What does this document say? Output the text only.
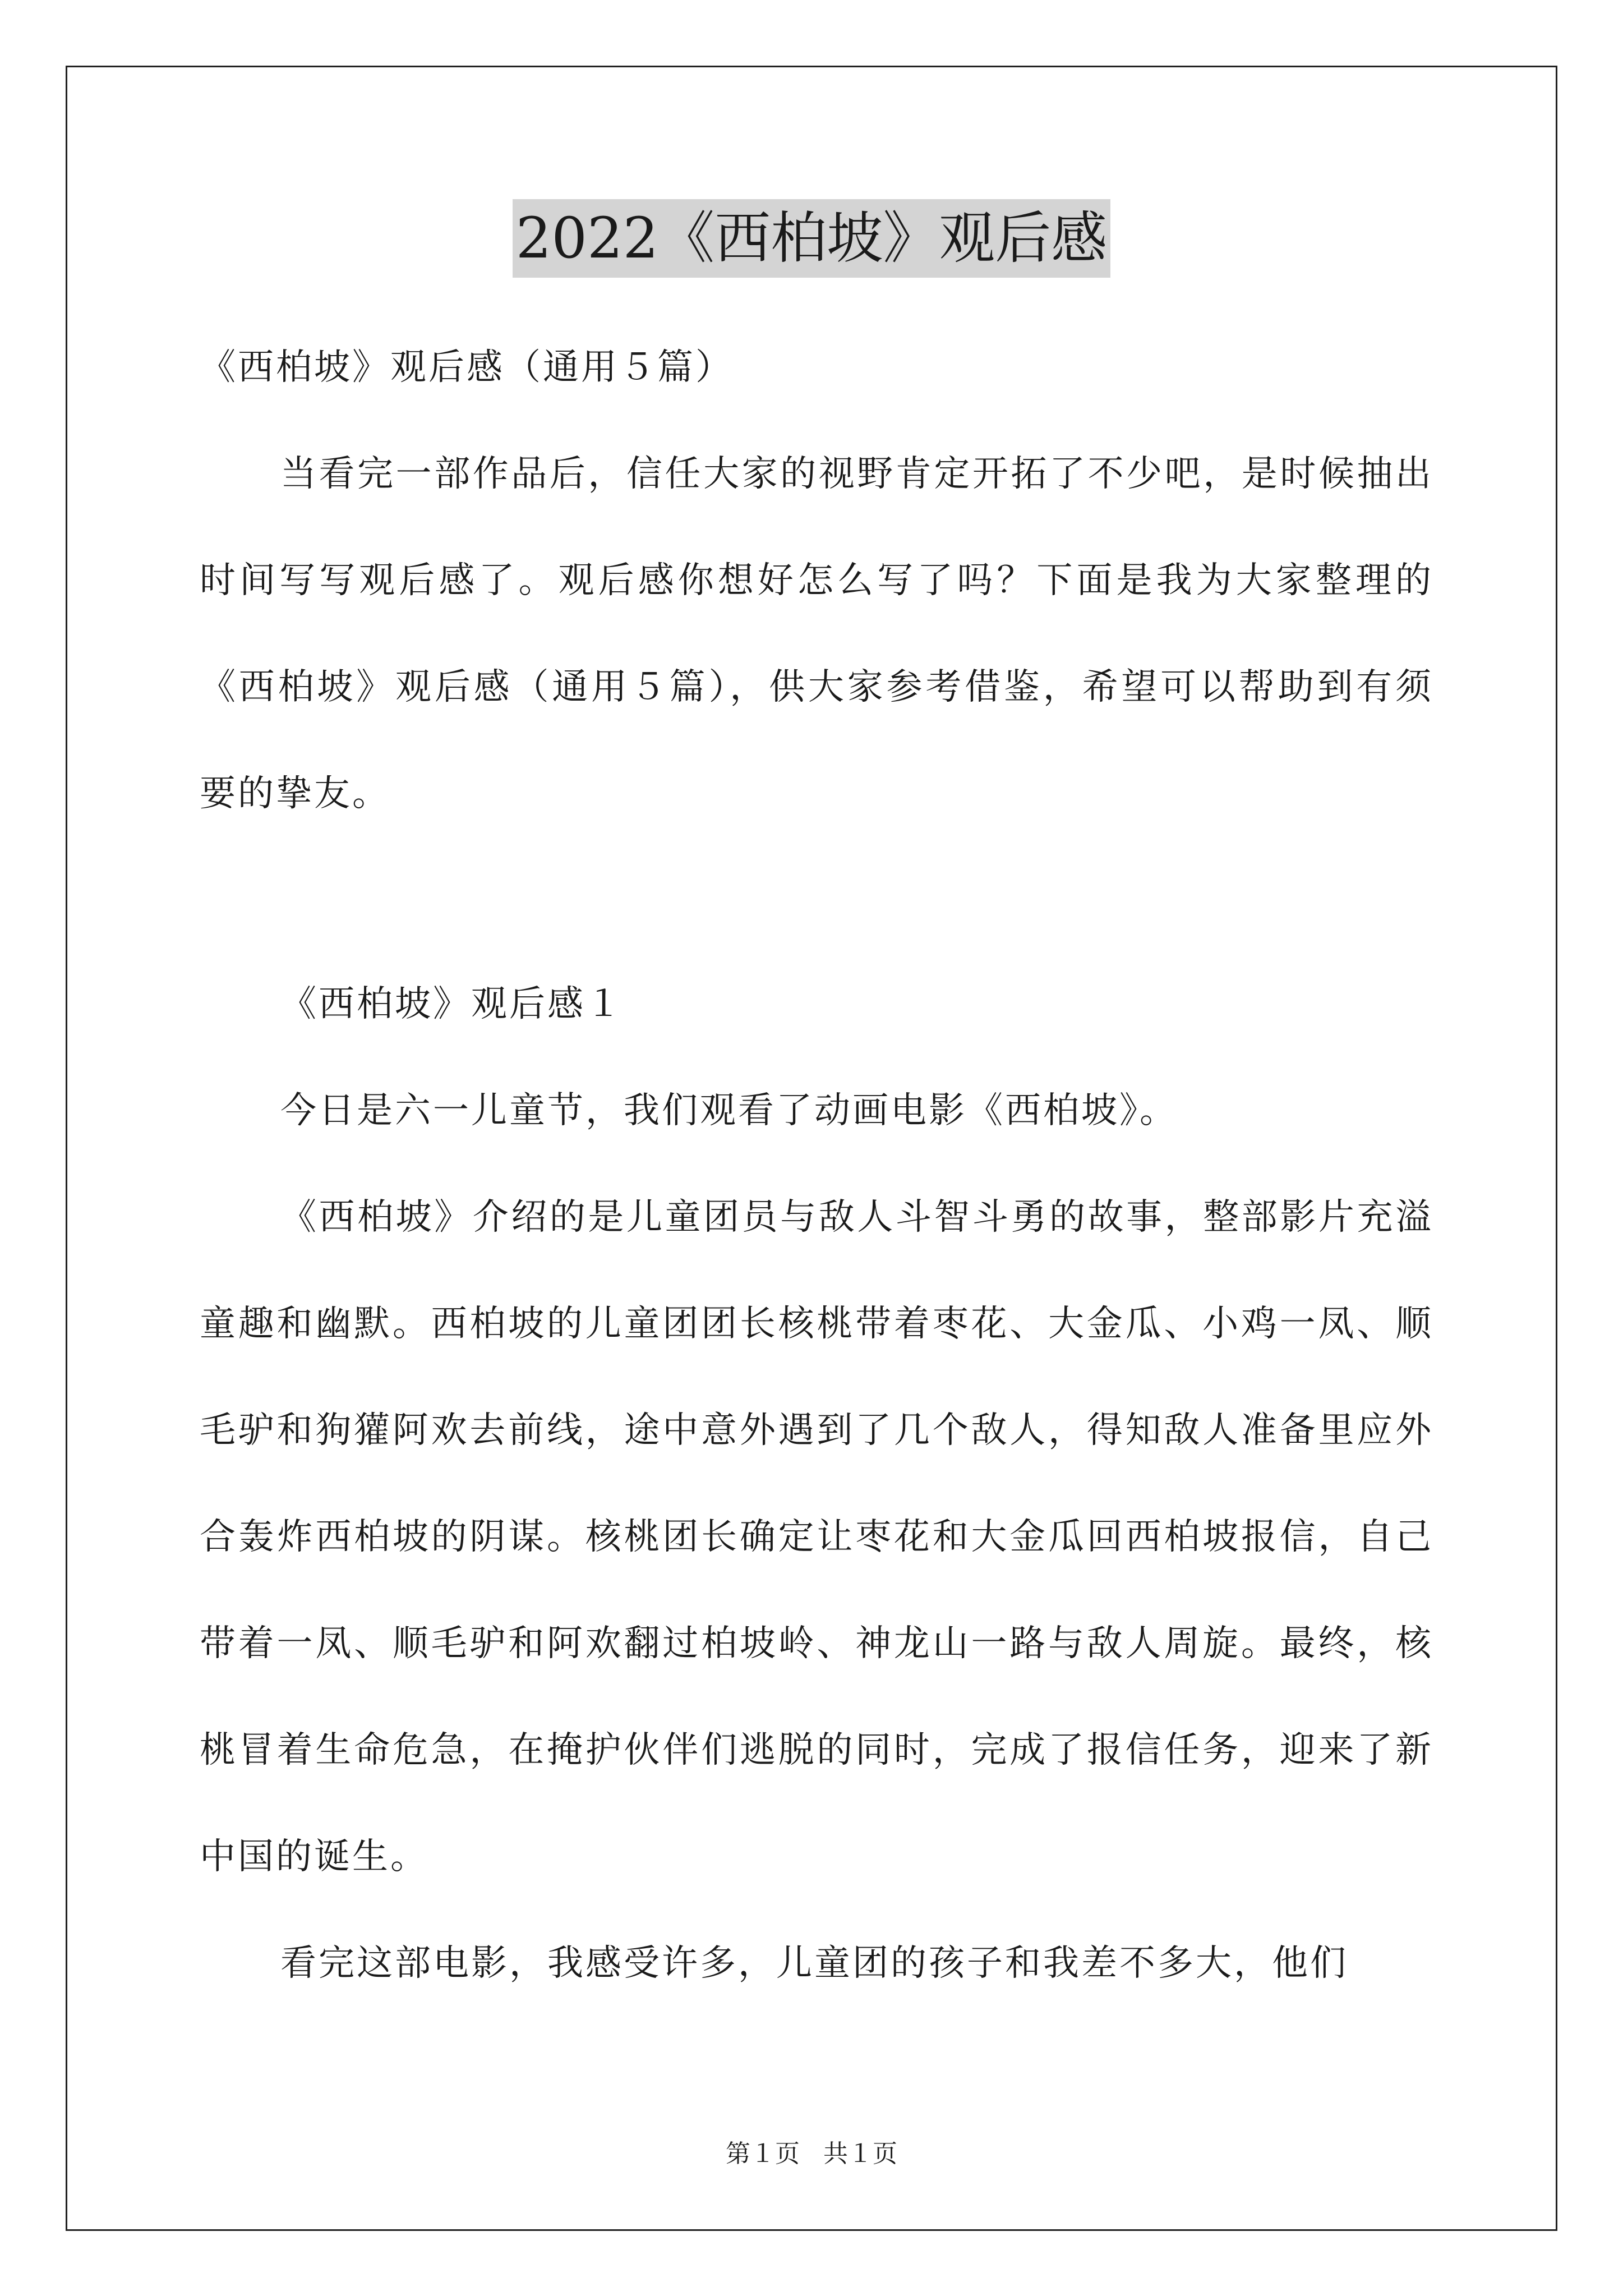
2022《西柏坡》观后感

《西柏坡》观后感（通用５篇）

当看完一部作品后，信任大家的视野肯定开拓了不少吧，是时候抽出时间写写观后感了。观后感你想好怎么写了吗？下面是我为大家整理的《西柏坡》观后感（通用５篇），供大家参考借鉴，希望可以帮助到有须要的挚友。

《西柏坡》观后感１

今日是六一儿童节，我们观看了动画电影《西柏坡》。

《西柏坡》介绍的是儿童团员与敌人斗智斗勇的故事，整部影片充溢童趣和幽默。西柏坡的儿童团团长核桃带着枣花、大金瓜、小鸡一凤、顺毛驴和狗獾阿欢去前线，途中意外遇到了几个敌人，得知敌人准备里应外合轰炸西柏坡的阴谋。核桃团长确定让枣花和大金瓜回西柏坡报信，自己带着一凤、顺毛驴和阿欢翻过柏坡岭、神龙山一路与敌人周旋。最终，核桃冒着生命危急，在掩护伙伴们逃脱的同时，完成了报信任务，迎来了新中国的诞生。

看完这部电影，我感受许多，儿童团的孩子和我差不多大，他们

第１页 共１页
